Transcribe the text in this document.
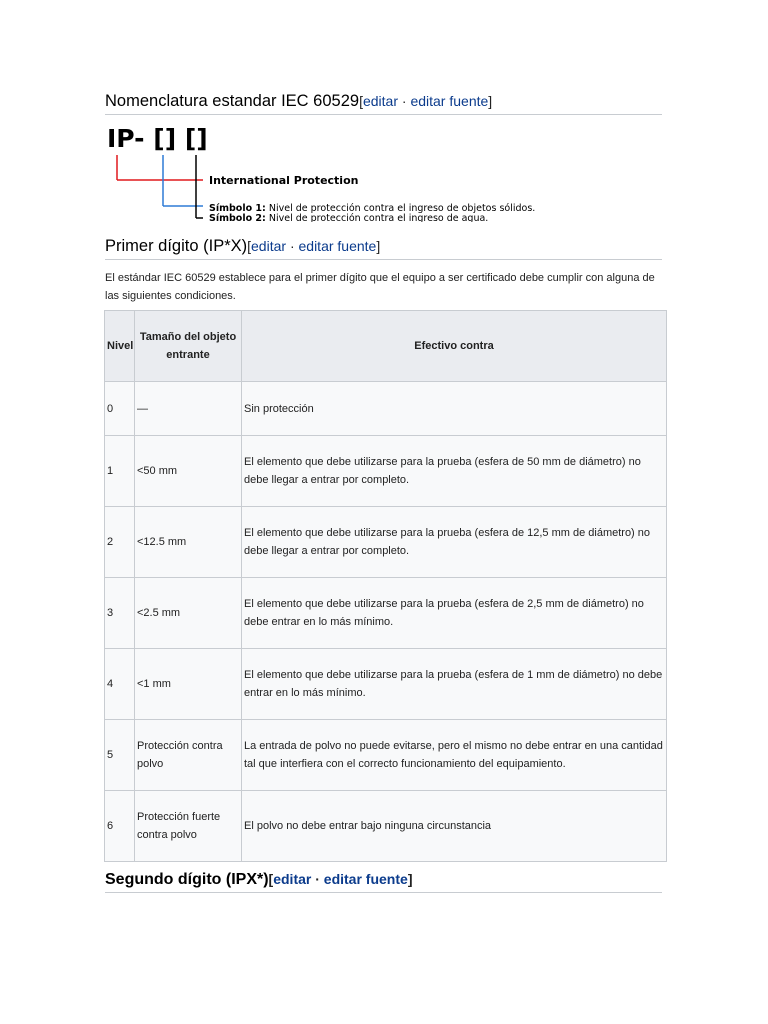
Nomenclatura estandar IEC 60529[editar · editar fuente]
IP- [] []
International Protection
Símbolo 1: Nivel de protección contra el ingreso de objetos sólidos.
Símbolo 2: Nivel de protección contra el ingreso de agua.
Primer dígito (IP*X)[editar · editar fuente]
El estándar IEC 60529 establece para el primer dígito que el equipo a ser certificado debe cumplir con alguna de las siguientes condiciones.
Nivel	Tamaño del objeto entrante	Efectivo contra
0	—	Sin protección
1	<50 mm	El elemento que debe utilizarse para la prueba (esfera de 50 mm de diámetro) no debe llegar a entrar por completo.
2	<12.5 mm	El elemento que debe utilizarse para la prueba (esfera de 12,5 mm de diámetro) no debe llegar a entrar por completo.
3	<2.5 mm	El elemento que debe utilizarse para la prueba (esfera de 2,5 mm de diámetro) no debe entrar en lo más mínimo.
4	<1 mm	El elemento que debe utilizarse para la prueba (esfera de 1 mm de diámetro) no debe entrar en lo más mínimo.
5	Protección contra polvo	La entrada de polvo no puede evitarse, pero el mismo no debe entrar en una cantidad tal que interfiera con el correcto funcionamiento del equipamiento.
6	Protección fuerte contra polvo	El polvo no debe entrar bajo ninguna circunstancia
Segundo dígito (IPX*)[editar · editar fuente]
